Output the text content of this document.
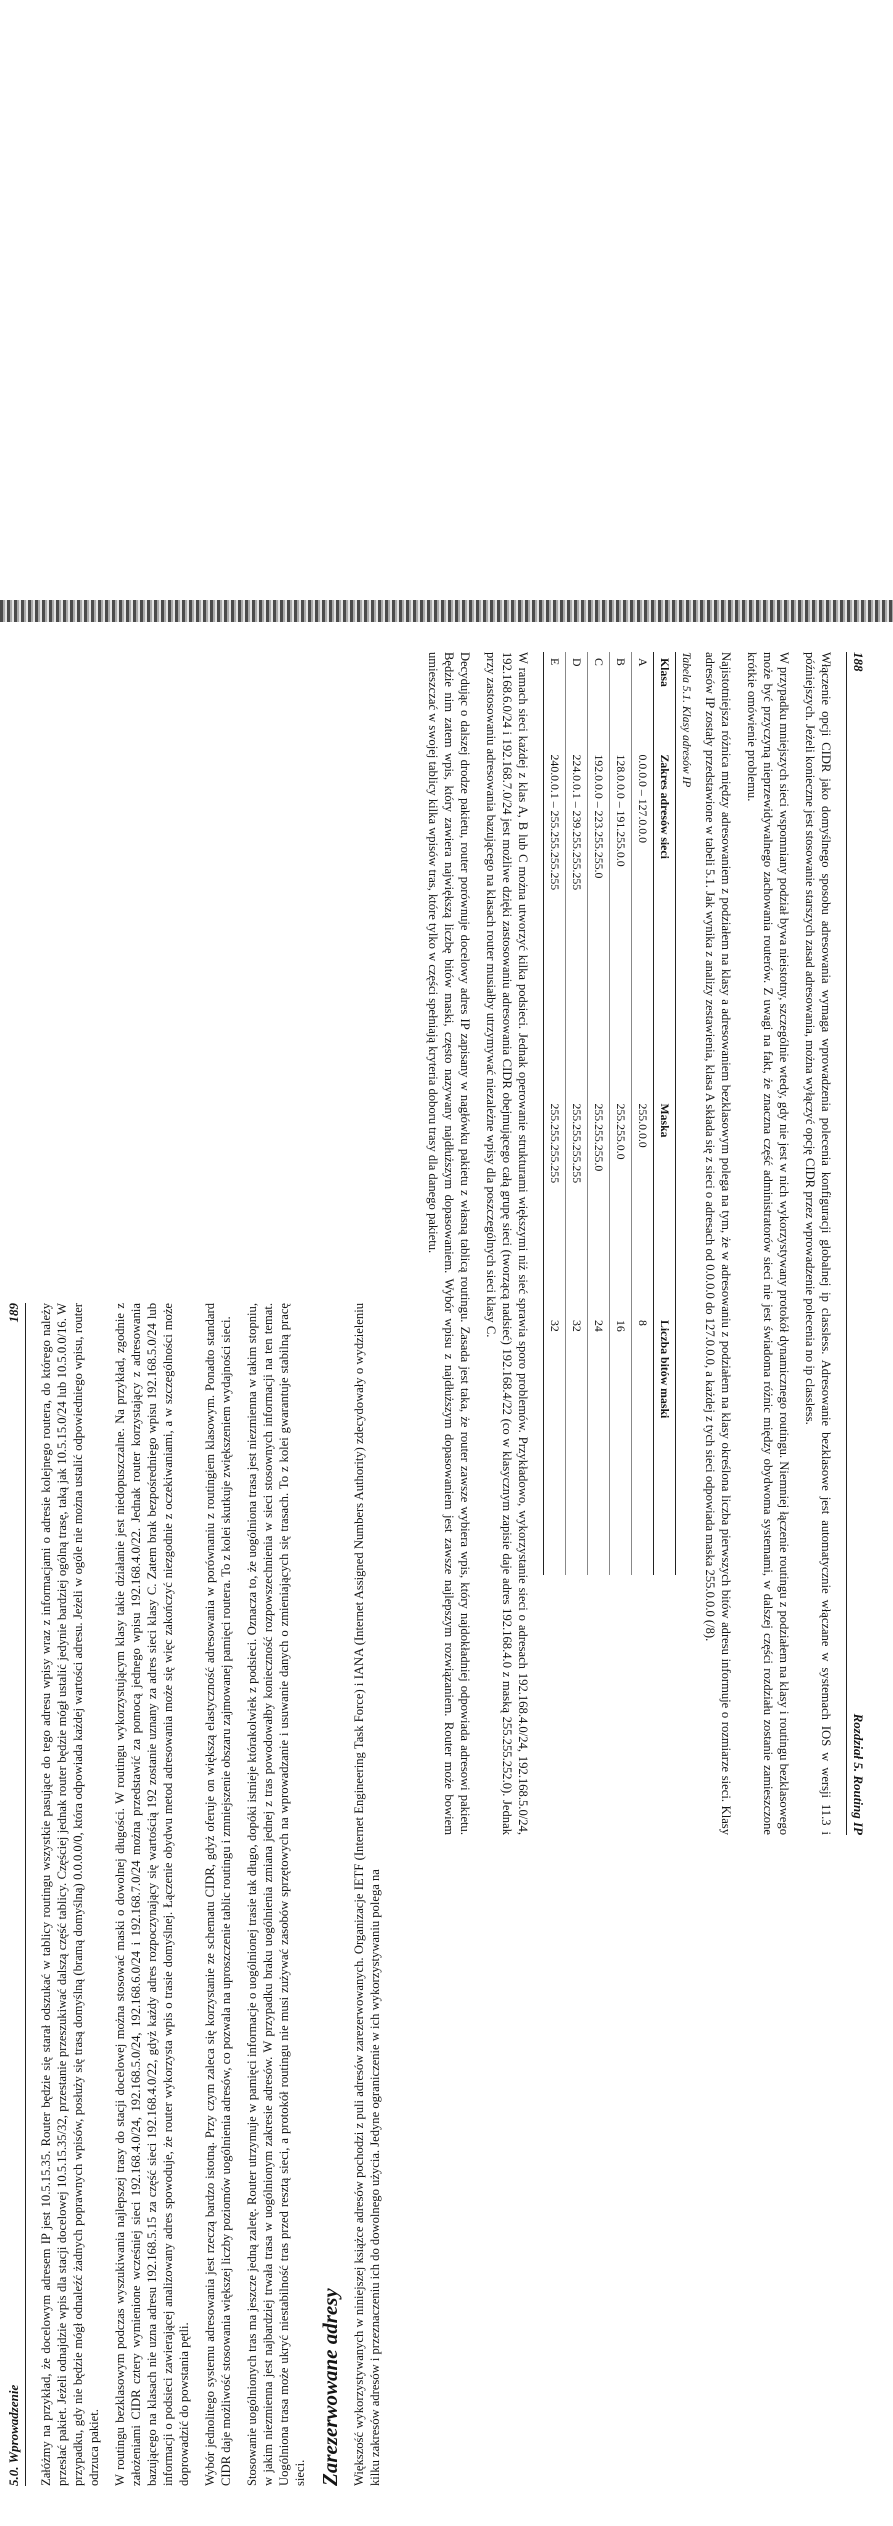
188
Rozdział 5. Routing IP

Włączenie opcji CIDR jako domyślnego sposobu adresowania wymaga wprowadzenia polecenia konfiguracji globalnej ip classless. Adresowanie bezklasowe jest automatycznie włączane w systemach IOS w wersji 11.3 i późniejszych. Jeżeli konieczne jest stosowanie starszych zasad adresowania, można wyłączyć opcję CIDR przez wprowadzenie polecenia no ip classless.

W przypadku mniejszych sieci wspomniany podział bywa nieistotny, szczególnie wtedy, gdy nie jest w nich wykorzystywany protokół dynamicznego routingu. Niemniej łączenie routingu z podziałem na klasy i routingu bezklasowego może być przyczyną nieprzewidywalnego zachowania routerów. Z uwagi na fakt, że znaczna część administratorów sieci nie jest świadoma różnic między obydwoma systemami, w dalszej części rozdziału zostanie zamieszczone krótkie omówienie problemu.

Najistotniejsza różnica między adresowaniem z podziałem na klasy a adresowaniem bezklasowym polega na tym, że w adresowaniu z podziałem na klasy określona liczba pierwszych bitów adresu informuje o rozmiarze sieci. Klasy adresów IP zostały przedstawione w tabeli 5.1. Jak wynika z analizy zestawienia, klasa A składa się z sieci o adresach od 0.0.0.0 do 127.0.0.0, a każdej z tych sieci odpowiada maska 255.0.0.0 (/8).

Tabela 5.1. Klasy adresów IP
Klasa	Zakres adresów sieci	Maska	Liczba bitów maski
A	0.0.0.0 – 127.0.0.0	255.0.0.0	8
B	128.0.0.0 – 191.255.0.0	255.255.0.0	16
C	192.0.0.0 – 223.255.255.0	255.255.255.0	24
D	224.0.0.1 – 239.255.255.255	255.255.255.255	32
E	240.0.0.1 – 255.255.255.255	255.255.255.255	32

W ramach sieci każdej z klas A, B lub C można utworzyć kilka podsieci. Jednak operowanie strukturami większymi niż sieć sprawia sporo problemów. Przykładowo, wykorzystanie sieci o adresach 192.168.4.0/24, 192.168.5.0/24, 192.168.6.0/24 i 192.168.7.0/24 jest możliwe dzięki zastosowaniu adresowania CIDR obejmującego całą grupę sieci (tworzącą nadsieć) 192.168.4/22 (co w klasycznym zapisie daje adres 192.168.4.0 z maską 255.255.252.0). Jednak przy zastosowaniu adresowania bazującego na klasach router musiałby utrzymywać niezależne wpisy dla poszczególnych sieci klasy C.

Decydując o dalszej drodze pakietu, router porównuje docelowy adres IP zapisany w nagłówku pakietu z własną tablicą routingu. Zasada jest taka, że router zawsze wybiera wpis, który najdokładniej odpowiada adresowi pakietu. Będzie nim zatem wpis, który zawiera największą liczbę bitów maski, często nazywany najdłuższym dopasowaniem. Wybór wpisu z najdłuższym dopasowaniem jest zawsze najlepszym rozwiązaniem. Router może bowiem umieszczać w swojej tablicy kilka wpisów tras, które tylko w części spełniają kryteria doboru trasy dla danego pakietu.

5.0. Wprowadzenie
189 Załóżmy na przykład, że docelowym adresem IP jest 10.5.15.35. Router będzie się starał odszukać w tablicy routingu wszystkie pasujące do tego adresu wpisy wraz z informacjami o adresie kolejnego routera, do którego należy przesłać pakiet. Jeżeli odnajdzie wpis dla stacji docelowej 10.5.15.35/32, przestanie przeszukiwać dalszą część tablicy. Częściej jednak router będzie mógł ustalić jedynie bardziej ogólną trasę, taką jak 10.5.15.0/24 lub 10.5.0.0/16. W przypadku, gdy nie będzie mógł odnaleźć żadnych poprawnych wpisów, posłuży się trasą domyślną (bramą domyślną) 0.0.0.0/0, która odpowiada każdej wartości adresu. Jeżeli w ogóle nie można ustalić odpowiedniego wpisu, router odrzuca pakiet. W routingu bezklasowym podczas wyszukiwania najlepszej trasy do stacji docelowej można stosować maski o dowolnej długości. W routingu wykorzystującym klasy takie działanie jest niedopuszczalne. Na przykład, zgodnie z założeniami CIDR cztery wymienione wcześniej sieci 192.168.4.0/24, 192.168.5.0/24, 192.168.6.0/24 i 192.168.7.0/24 można przedstawić za pomocą jednego wpisu 192.168.4.0/22. Jednak router korzystający z adresowania bazującego na klasach nie uzna adresu 192.168.5.15 za część sieci 192.168.4.0/22, gdyż każdy adres rozpoczynający się wartością 192 zostanie uznany za adres sieci klasy C. Zatem brak bezpośredniego wpisu 192.168.5.0/24 lub informacji o podsieci zawierającej analizowany adres spowoduje, że router wykorzysta wpis o trasie domyślnej. Łączenie obydwu metod adresowania może się więc zakończyć niezgodnie z oczekiwaniami, a w szczególności może doprowadzić do powstania pętli. Wybór jednolitego systemu adresowania jest rzeczą bardzo istotną. Przy czym zaleca się korzystanie ze schematu CIDR, gdyż oferuje on większą elastyczność adresowania w porównaniu z routingiem klasowym. Ponadto standard CIDR daje możliwość stosowania większej liczby poziomów uogólnienia adresów, co pozwala na uproszczenie tablic routingu i zmniejszenie obszaru zajmowanej pamięci routera. To z kolei skutkuje zwiększeniem wydajności sieci. Stosowanie uogólnionych tras ma jeszcze jedną zaletę. Router utrzymuje w pamięci informacje o uogólnionej trasie tak długo, dopóki istnieje którakolwiek z podsieci. Oznacza to, że uogólniona trasa jest niezmienna w takim stopniu, w jakim niezmienna jest najbardziej trwała trasa w uogólnionym zakresie adresów. W przypadku braku uogólnienia zmiana jednej z tras powodowałby konieczność rozpowszechnienia w sieci stosownych informacji na ten temat. Uogólniona trasa może ukryć niestabilność tras przed resztą sieci, a protokół routingu nie musi zużywać zasobów sprzętowych na wprowadzanie i usuwanie danych o zmieniających się trasach. To z kolei gwarantuje stabilną pracę sieci. Zarezerwowane adresy Większość wykorzystywanych w niniejszej książce adresów pochodzi z puli adresów zarezerwowanych. Organizacje IETF (Internet Engineering Task Force) i IANA (Internet Assigned Numbers Authority) zdecydowały o wydzieleniu kilku zakresów adresów i przeznaczeniu ich do dowolnego użycia. Jedyne ograniczenie w ich wykorzystywaniu polega na
